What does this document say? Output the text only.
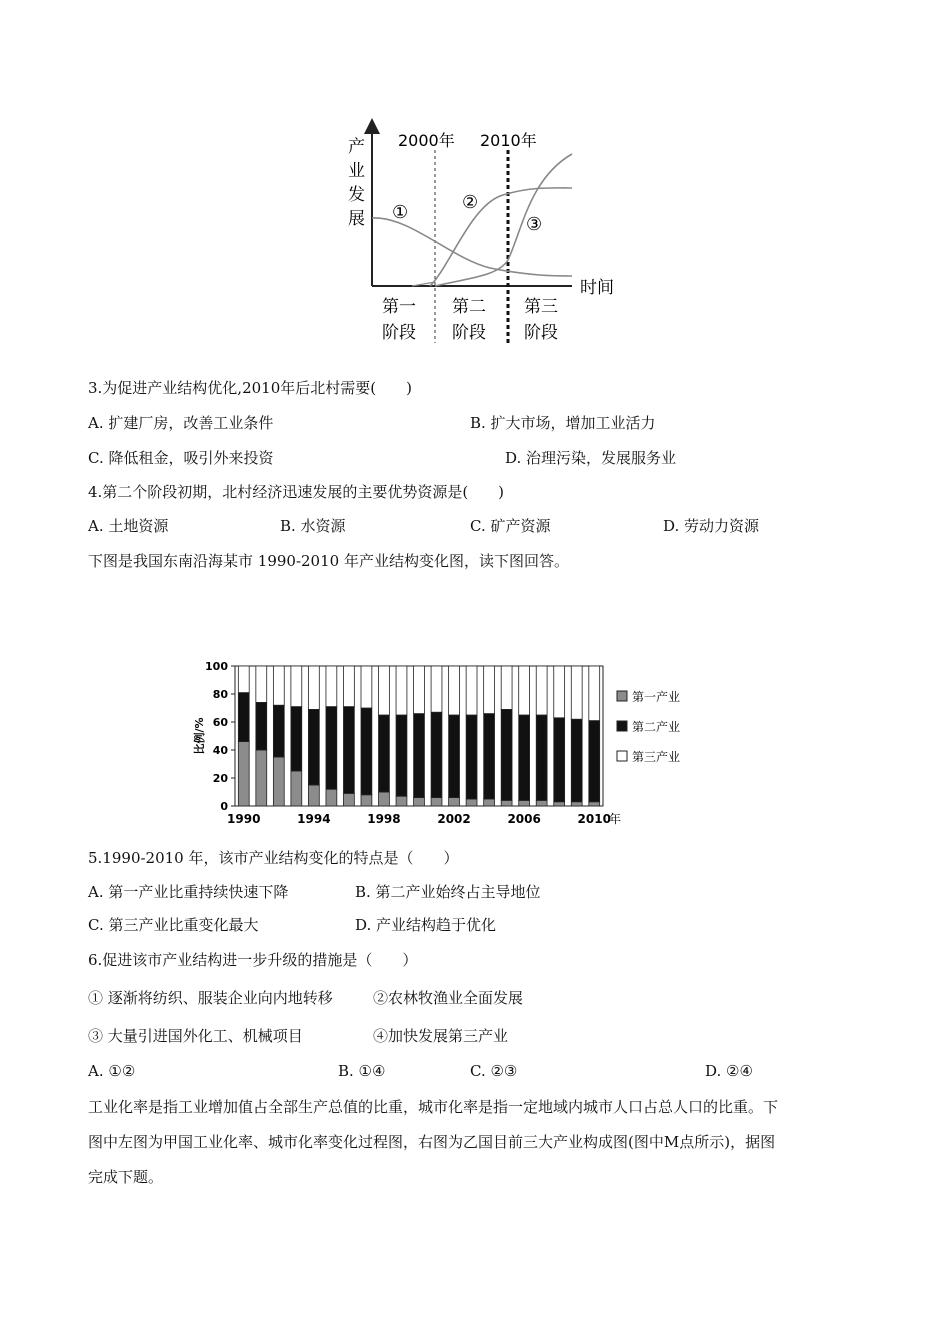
产
业
发
展
2000年 2010年
①	②
③
时间
第一
阶段
第二
阶段
第三
阶段
3.为促进产业结构优化,2010年后北村需要(　　)
A. 扩建厂房，改善工业条件	B. 扩大市场，增加工业活力
C. 降低租金，吸引外来投资	D. 治理污染，发展服务业
4.第二个阶段初期，北村经济迅速发展的主要优势资源是(　　)
A. 土地资源	B. 水资源	C. 矿产资源	D. 劳动力资源
下图是我国东南沿海某市 1990-2010 年产业结构变化图，读下图回答。
0
20
40
60
80
100
比例/%
1990	1994	1998	2002	2006	2010
年
第一产业
第二产业
第三产业
5.1990-2010 年，该市产业结构变化的特点是（　　）
A. 第一产业比重持续快速下降	B. 第二产业始终占主导地位
C. 第三产业比重变化最大	D. 产业结构趋于优化
6.促进该市产业结构进一步升级的措施是（　　）
① 逐渐将纺织、服装企业向内地转移	②农林牧渔业全面发展
③ 大量引进国外化工、机械项目	④加快发展第三产业
A. ①②	B. ①④	C. ②③	D. ②④
工业化率是指工业增加值占全部生产总值的比重，城市化率是指一定地域内城市人口占总人口的比重。下
图中左图为甲国工业化率、城市化率变化过程图，右图为乙国目前三大产业构成图(图中M点所示)，据图
完成下题。
